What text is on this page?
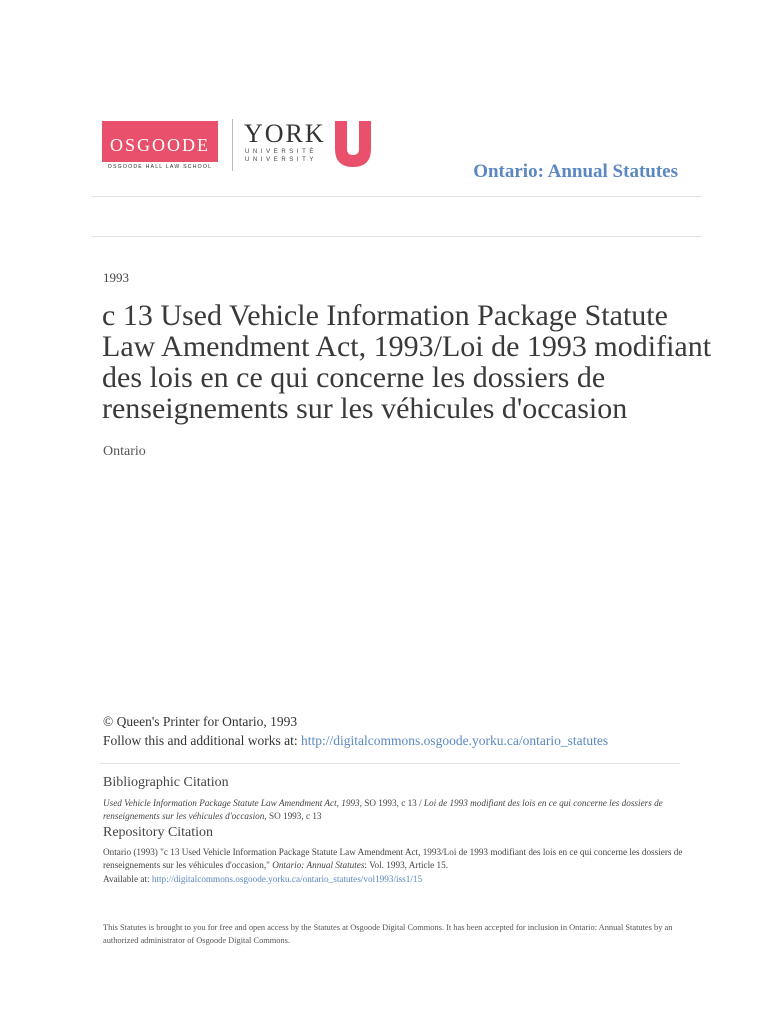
OSGOODE
OSGOODE HALL LAW SCHOOL
YORK
UNIVERSITÉ
UNIVERSITY
Ontario: Annual Statutes
1993
c 13 Used Vehicle Information Package Statute Law Amendment Act, 1993/Loi de 1993 modifiant des lois en ce qui concerne les dossiers de renseignements sur les véhicules d'occasion
Ontario
© Queen's Printer for Ontario, 1993
Follow this and additional works at: http://digitalcommons.osgoode.yorku.ca/ontario_statutes
Bibliographic Citation
Used Vehicle Information Package Statute Law Amendment Act, 1993, SO 1993, c 13 / Loi de 1993 modifiant des lois en ce qui concerne les dossiers de renseignements sur les véhicules d'occasion, SO 1993, c 13
Repository Citation
Ontario (1993) "c 13 Used Vehicle Information Package Statute Law Amendment Act, 1993/Loi de 1993 modifiant des lois en ce qui concerne les dossiers de renseignements sur les véhicules d'occasion," Ontario: Annual Statutes: Vol. 1993, Article 15.
Available at: http://digitalcommons.osgoode.yorku.ca/ontario_statutes/vol1993/iss1/15
This Statutes is brought to you for free and open access by the Statutes at Osgoode Digital Commons. It has been accepted for inclusion in Ontario: Annual Statutes by an authorized administrator of Osgoode Digital Commons.
